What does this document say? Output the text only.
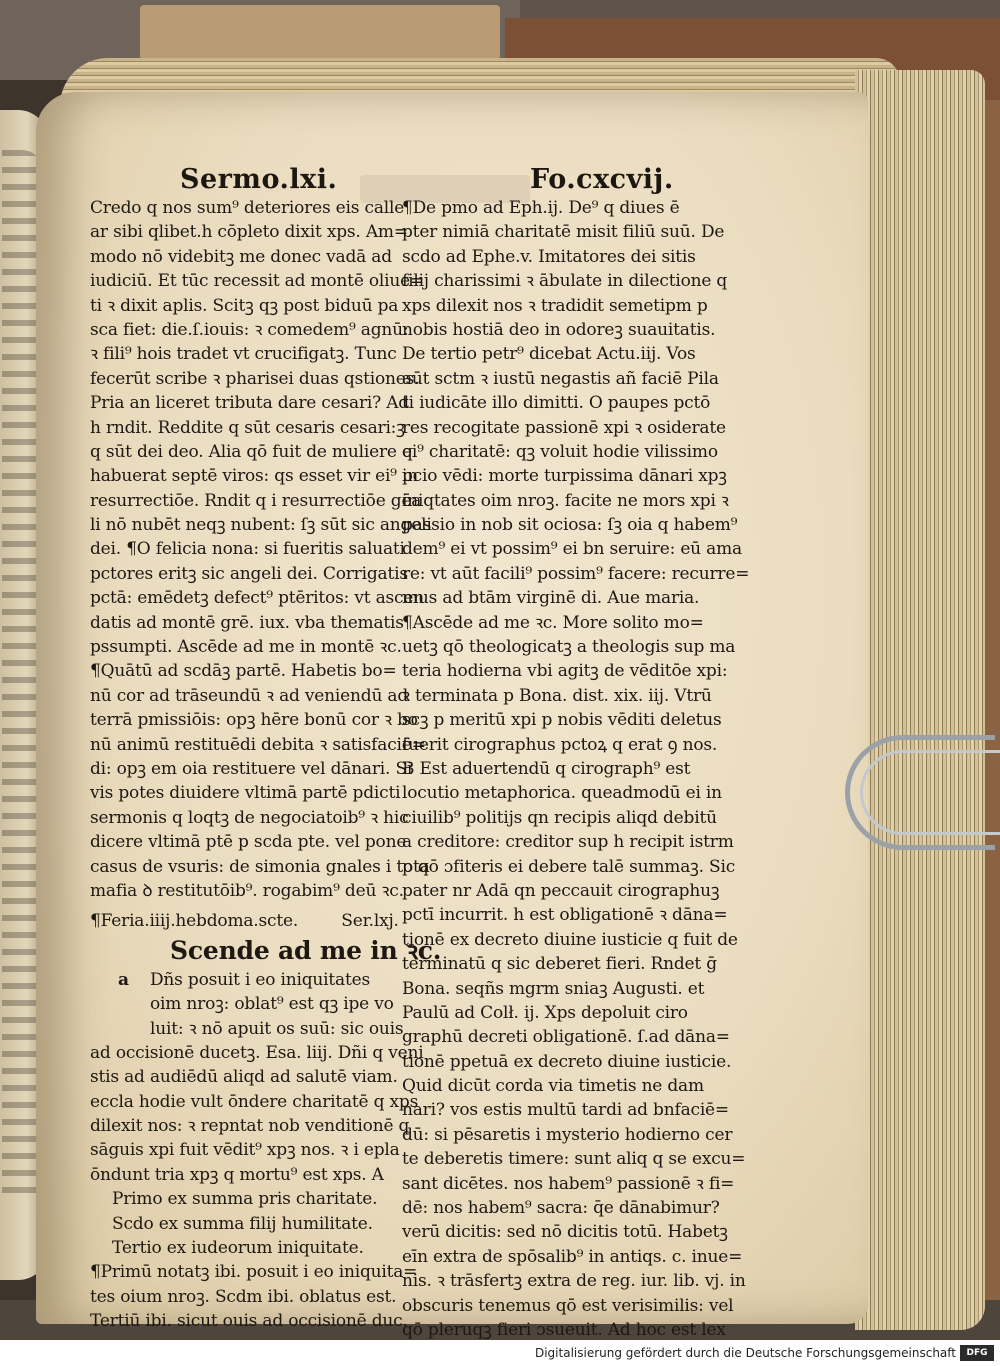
Sermo.lxi.	Fo.cxcvij.
Credo q nos sum⁹ deteriores eis calle
ar sibi qlibet.h cōpleto dixit xps. Am=
modo nō videbitꝫ me donec vadā ad
iudiciū. Et tūc recessit ad montē oliue=
ti ꝛ dixit aplis. Scitꝫ qꝫ post biduū pa
sca fiet: die.ſ.iouis: ꝛ comedem⁹ agnū:
ꝛ fili⁹ hois tradet vt crucifigatꝫ. Tunc
fecerūt scribe ꝛ pharisei duas qstiones.
Pria an liceret tributa dare cesari? Ad
h rndit. Reddite q sūt cesaris cesari:ꝫ
q sūt dei deo. Alia qō fuit de muliere q
habuerat septē viros: qs esset vir ei⁹ in
resurrectiōe. Rndit q i resurrectiōe gēa
li nō nubēt neqꝫ nubent: ſꝫ sūt sic angeli
dei. ¶O felicia nona: si fueritis saluati
pctores eritꝫ sic angeli dei. Corrigatis
pctā: emēdetꝫ defect⁹ ptēritos: vt ascen
datis ad montē grē. iux. vba thematis
pssumpti. Ascēde ad me in montē ꝛc.
¶Quātū ad scdāꝫ partē. Habetis bo=
nū cor ad trāseundū ꝛ ad veniendū ad
terrā pmissiōis: opꝫ hēre bonū cor ꝛ bo
nū animū restituēdi debita ꝛ satisfaciē=
di: opꝫ em oia restituere vel dānari. Si
vis potes diuidere vltimā partē pdicti
sermonis q loqtꝫ de negociatoib⁹ ꝛ hic
dicere vltimā ptē p scda pte. vel pone
casus de vsuris: de simonia gnales i tota
mafia ꝺ restitutōib⁹. rogabim⁹ deū ꝛc.
¶Feria.iiij.hebdoma.scte.	Ser.lxj.
Scende ad me in ꝛc.
a Dñs posuit i eo iniquitates
oim nroꝫ: oblat⁹ est qꝫ ipe vo
luit: ꝛ nō apuit os suū: sic ouis
ad occisionē ducetꝫ. Esa. liij. Dñi q veni
stis ad audiēdū aliqd ad salutē viam.
eccla hodie vult ōndere charitatē q xps
dilexit nos: ꝛ repntat nob venditionē q
sāguis xpi fuit vēdit⁹ xpꝫ nos. ꝛ i epla
ōndunt tria xpꝫ q mortu⁹ est xps. A
Primo ex summa pris charitate.
Scdo ex summa filij humilitate.
Tertio ex iudeorum iniquitate.
¶Primū notatꝫ ibi. posuit i eo iniquita=
tes oium nroꝫ. Scdm ibi. oblatus est.
Tertiū ibi. sicut ouis ad occisionē duc.
¶De pmo ad Eph.ij. De⁹ q diues ē
pter nimiā charitatē misit filiū suū. De
scdo ad Ephe.v. Imitatores dei sitis
filij charissimi ꝛ ābulate in dilectione q
xps dilexit nos ꝛ tradidit semetipm p
nobis hostiā deo in odoreꝫ suauitatis.
De tertio petr⁹ dicebat Actu.iij. Vos
aūt sctm ꝛ iustū negastis añ faciē Pila
ti iudicāte illo dimitti. O paupes pctō
res recogitate passionē xpi ꝛ osiderate
ei⁹ charitatē: qꝫ voluit hodie vilissimo
pcio vēdi: morte turpissima dānari xpꝫ
iniqtates oim nroꝫ. facite ne mors xpi ꝛ
passio in nob sit ociosa: ſꝫ oia q habem⁹
dem⁹ ei vt possim⁹ ei bn seruire: eū ama
re: vt aūt facili⁹ possim⁹ facere: recurre=
mus ad btām virginē di. Aue maria.
¶Ascēde ad me ꝛc. More solito mo=
uetꝫ qō theologicatꝫ a theologis sup ma
teria hodierna vbi agitꝫ de vēditōe xpi:
ꝛ terminata p Bona. dist. xix. iij. Vtrū
scꝫ p meritū xpi p nobis vēditi deletus
fuerit cirographus pctoꝝ q erat ꝯ nos.
B Est aduertendū q cirograph⁹ est
locutio metaphorica. queadmodū ei in
ciuilib⁹ politijs qn recipis aliqd debitū
a creditore: creditor sup h recipit istrm
p qō ɔfiteris ei debere talē summaꝫ. Sic
pater nr Adā qn peccauit cirographuꝫ
pctī incurrit. h est obligationē ꝛ dāna=
tionē ex decreto diuine iusticie q fuit de
terminatū q sic deberet fieri. Rndet ḡ
Bona. seqñs mgrm sniaꝫ Augusti. et
Paulū ad Colł. ij. Xps depoluit ciro
graphū decreti obligationē. ſ.ad dāna=
tionē ppetuā ex decreto diuine iusticie.
Quid dicūt corda via timetis ne dam
nari? vos estis multū tardi ad bnfaciē=
dū: si pēsaretis i mysterio hodierno cer
te deberetis timere: sunt aliq q se excu=
sant dicētes. nos habem⁹ passionē ꝛ fi=
dē: nos habem⁹ sacra: q̄e dānabimur?
verū dicitis: sed nō dicitis totū. Habetꝫ
eīn extra de spōsalib⁹ in antiqs. c. inue=
nis. ꝛ trāsfertꝫ extra de reg. iur. lib. vj. in
obscuris tenemus qō est verisimilis: vel
qō pleruqꝫ fieri ɔsueuit. Ad hoc est lex
Digitalisierung gefördert durch die Deutsche Forschungsgemeinschaft	DFG
